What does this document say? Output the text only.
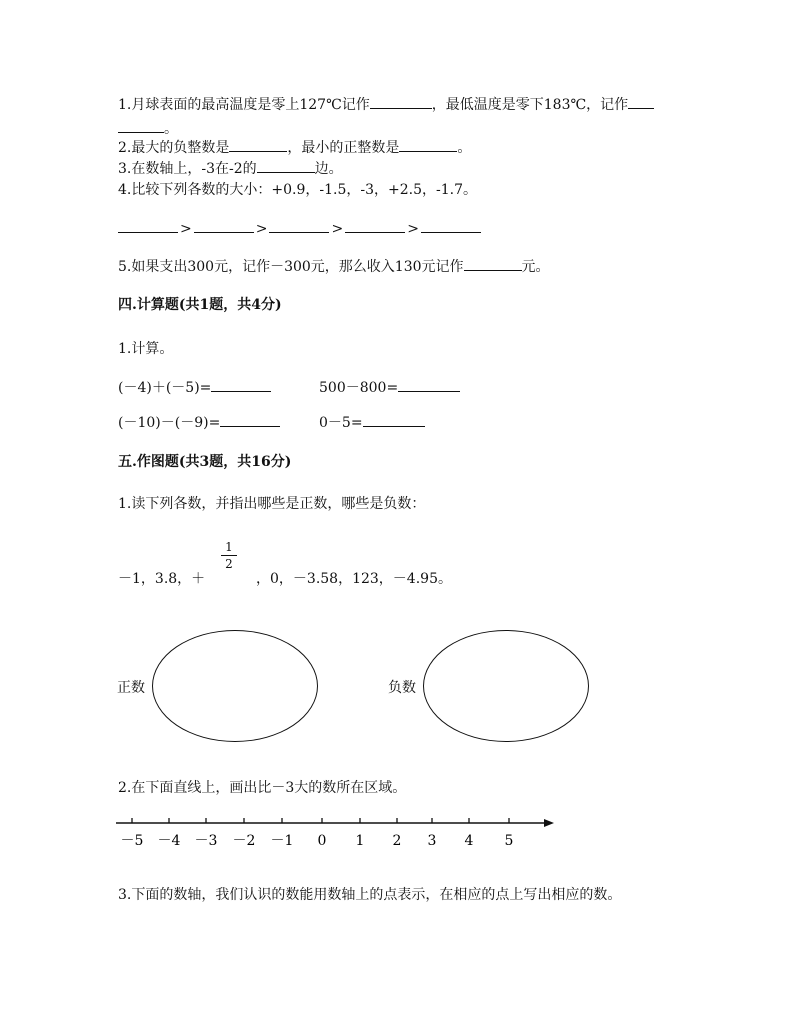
1.月球表面的最高温度是零上127℃记作	，最低温度是零下183℃，记作
。
2.最大的负整数是	，最小的正整数是	。
3.在数轴上，-3在-2的	边。
4.比较下列各数的大小：+0.9，-1.5，-3，+2.5，-1.7。
>	>	>	>
5.如果支出300元，记作－300元，那么收入130元记作	元。
四.计算题(共1题，共4分)
1.计算。
(－4)＋(－5)=	500－800=
(－10)－(－9)=	0－5=
五.作图题(共3题，共16分)
1.读下列各数，并指出哪些是正数，哪些是负数：
－1，3.8，＋
1
2
，0，－3.58，123，－4.95。
正数	负数
2.在下面直线上，画出比－3大的数所在区域。
－5 －4 －3 －2 －1 0 1 2 3 4 5
3.下面的数轴，我们认识的数能用数轴上的点表示，在相应的点上写出相应的数。
